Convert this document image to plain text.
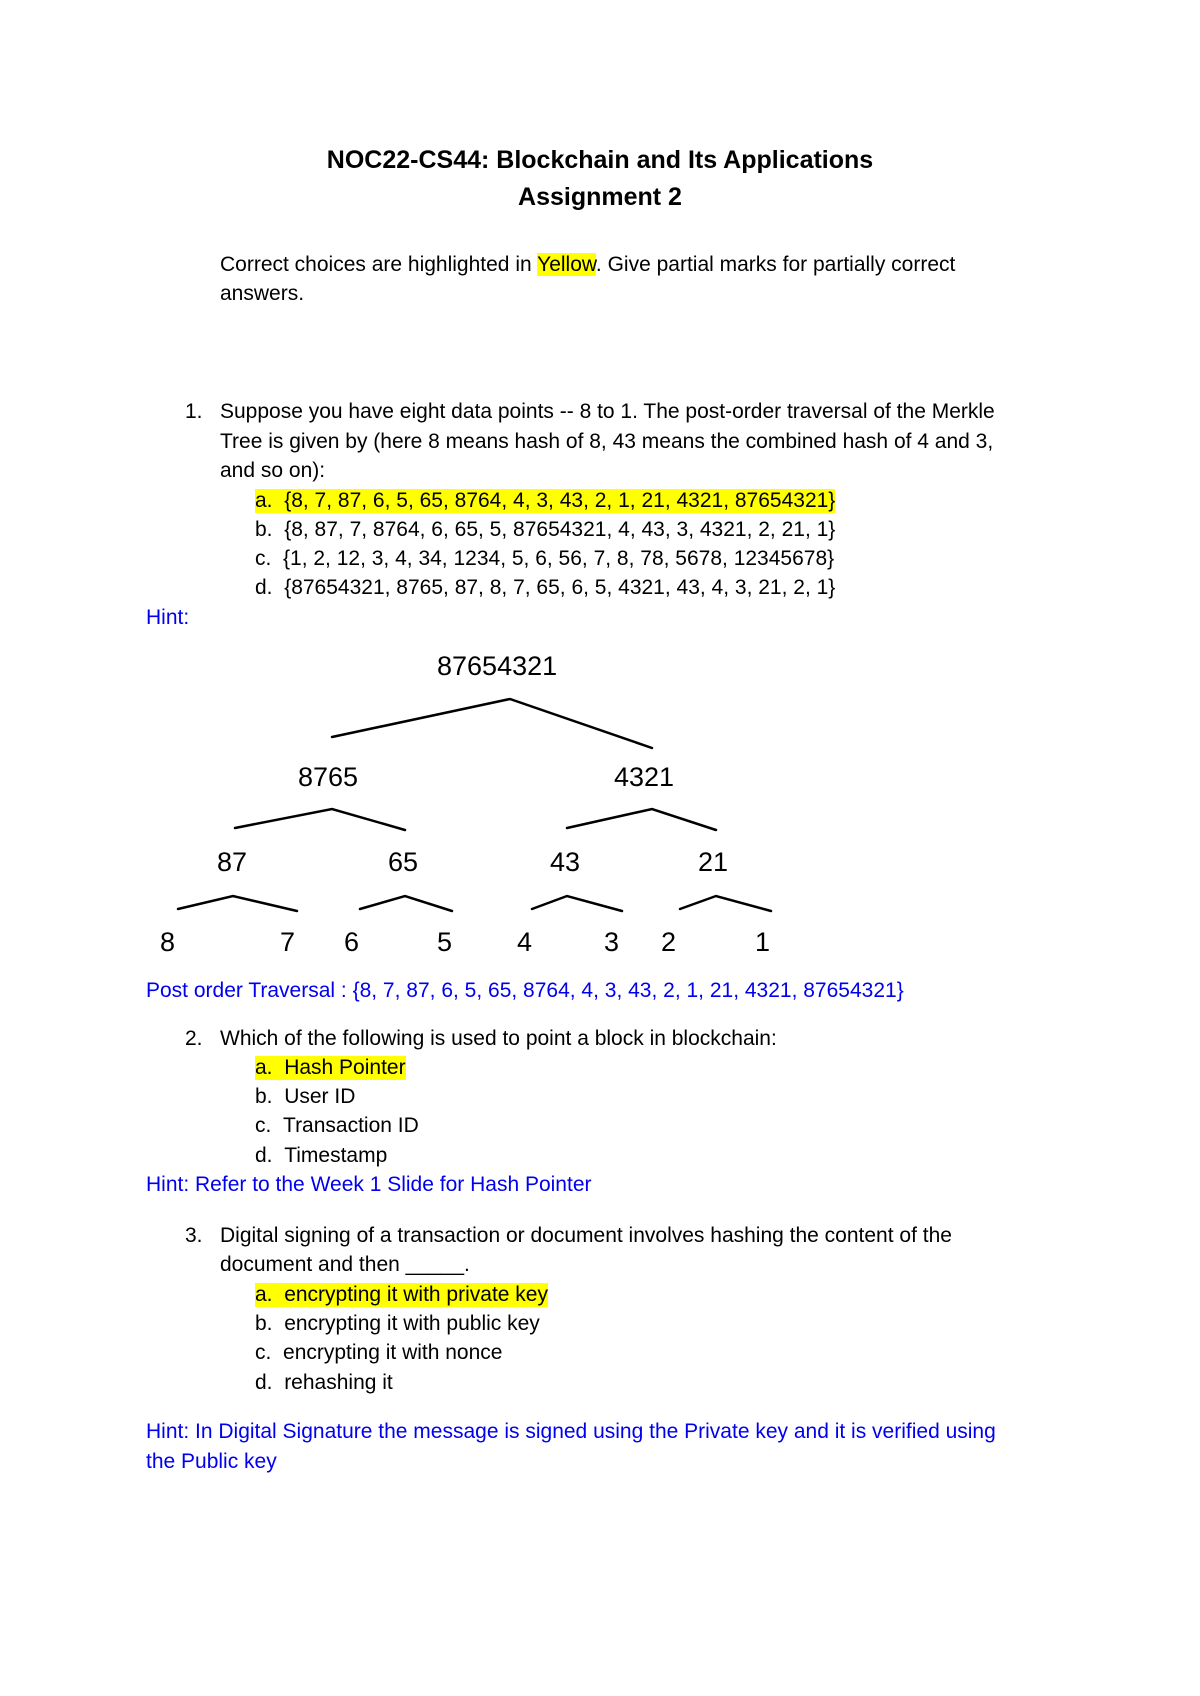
NOC22-CS44: Blockchain and Its Applications
Assignment 2
Correct choices are highlighted in Yellow. Give partial marks for partially correct
answers.
1. Suppose you have eight data points -- 8 to 1. The post-order traversal of the Merkle
Tree is given by (here 8 means hash of 8, 43 means the combined hash of 4 and 3,
and so on):
a. {8, 7, 87, 6, 5, 65, 8764, 4, 3, 43, 2, 1, 21, 4321, 87654321}
b. {8, 87, 7, 8764, 6, 65, 5, 87654321, 4, 43, 3, 4321, 2, 21, 1}
c. {1, 2, 12, 3, 4, 34, 1234, 5, 6, 56, 7, 8, 78, 5678, 12345678}
d. {87654321, 8765, 87, 8, 7, 65, 6, 5, 4321, 43, 4, 3, 21, 2, 1}
Hint:
87654321
8765	4321
87	65	43	21
8	7 6	5 4	3 2	1
Post order Traversal : {8, 7, 87, 6, 5, 65, 8764, 4, 3, 43, 2, 1, 21, 4321, 87654321}
2. Which of the following is used to point a block in blockchain:
a. Hash Pointer
b. User ID
c. Transaction ID
d. Timestamp
Hint: Refer to the Week 1 Slide for Hash Pointer
3. Digital signing of a transaction or document involves hashing the content of the
document and then _____.
a. encrypting it with private key
b. encrypting it with public key
c. encrypting it with nonce
d. rehashing it
Hint: In Digital Signature the message is signed using the Private key and it is verified using
the Public key
